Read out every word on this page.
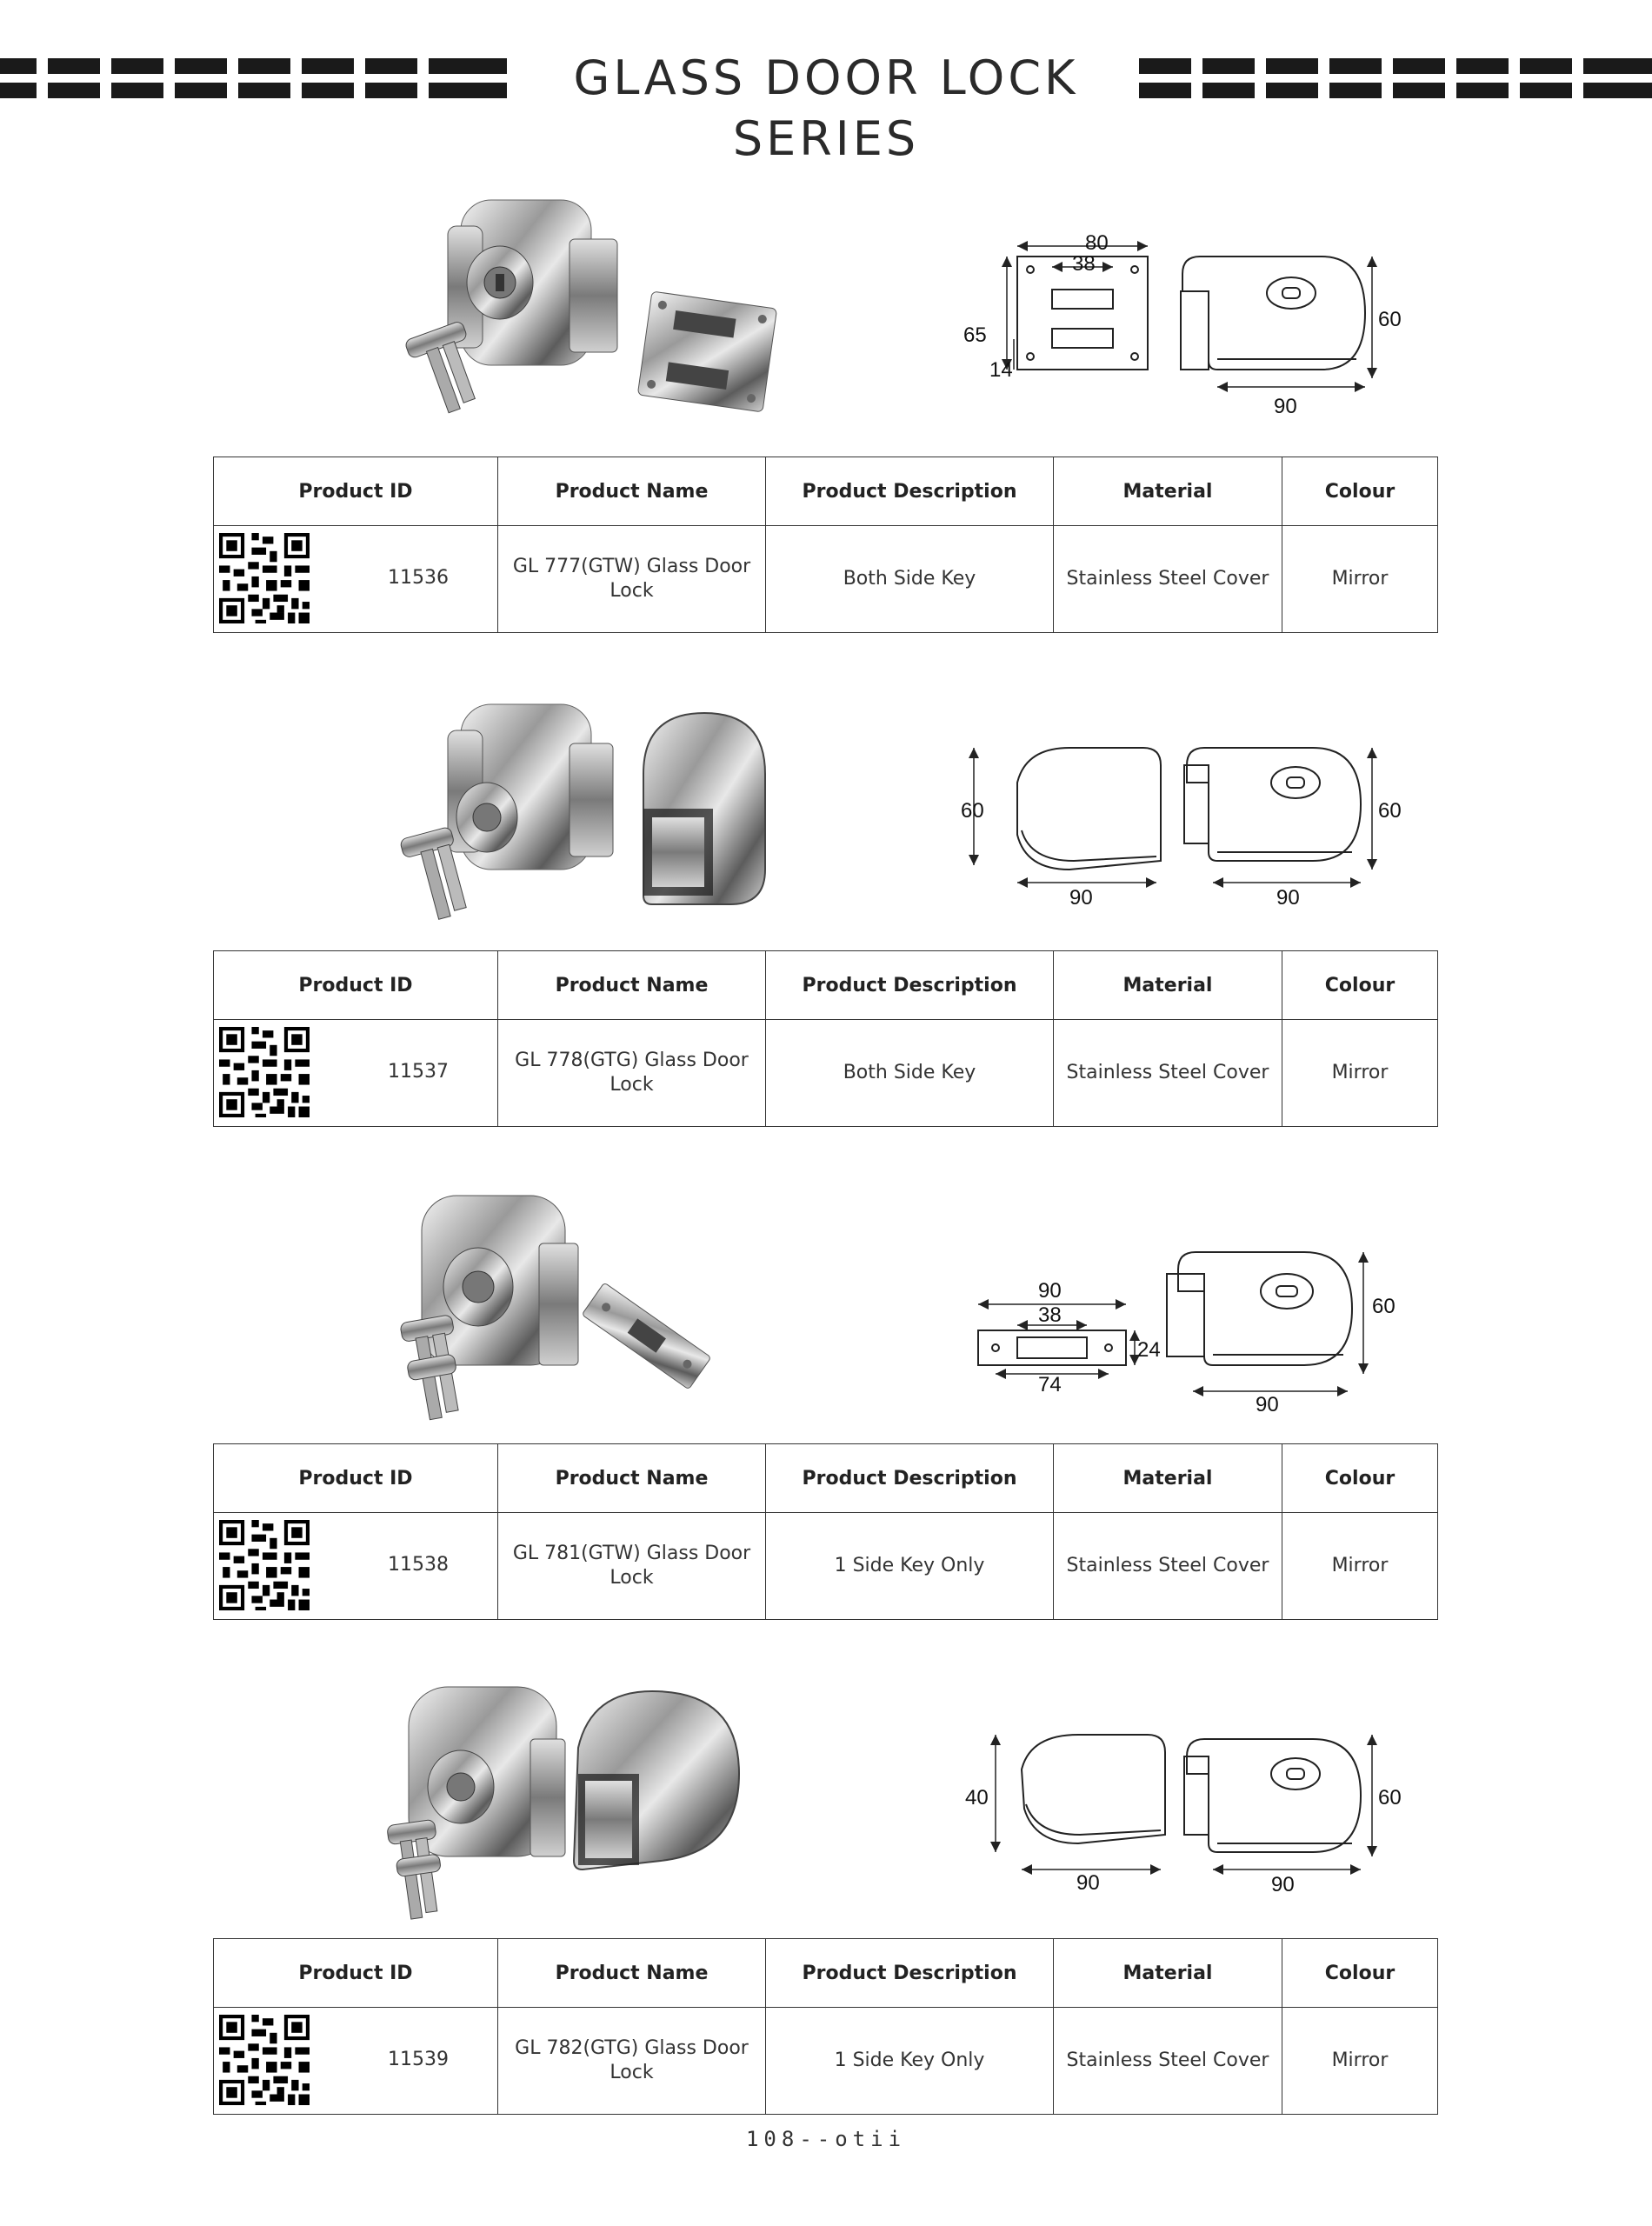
GLASS DOOR LOCK SERIES
80
38
65
14
60
90
Product ID	Product Name	Product Description	Material	Colour

11536	GL 777(GTW) Glass Door Lock	Both Side Key	Stainless Steel Cover	Mirror
60
90
60
90
Product ID	Product Name	Product Description	Material	Colour

11537	GL 778(GTG) Glass Door Lock	Both Side Key	Stainless Steel Cover	Mirror
90
38
24
74
60
90
Product ID	Product Name	Product Description	Material	Colour

11538	GL 781(GTW) Glass Door Lock	1 Side Key Only	Stainless Steel Cover	Mirror
40
90
60
90
Product ID	Product Name	Product Description	Material	Colour

11539	GL 782(GTG) Glass Door Lock	1 Side Key Only	Stainless Steel Cover	Mirror
108--otii
